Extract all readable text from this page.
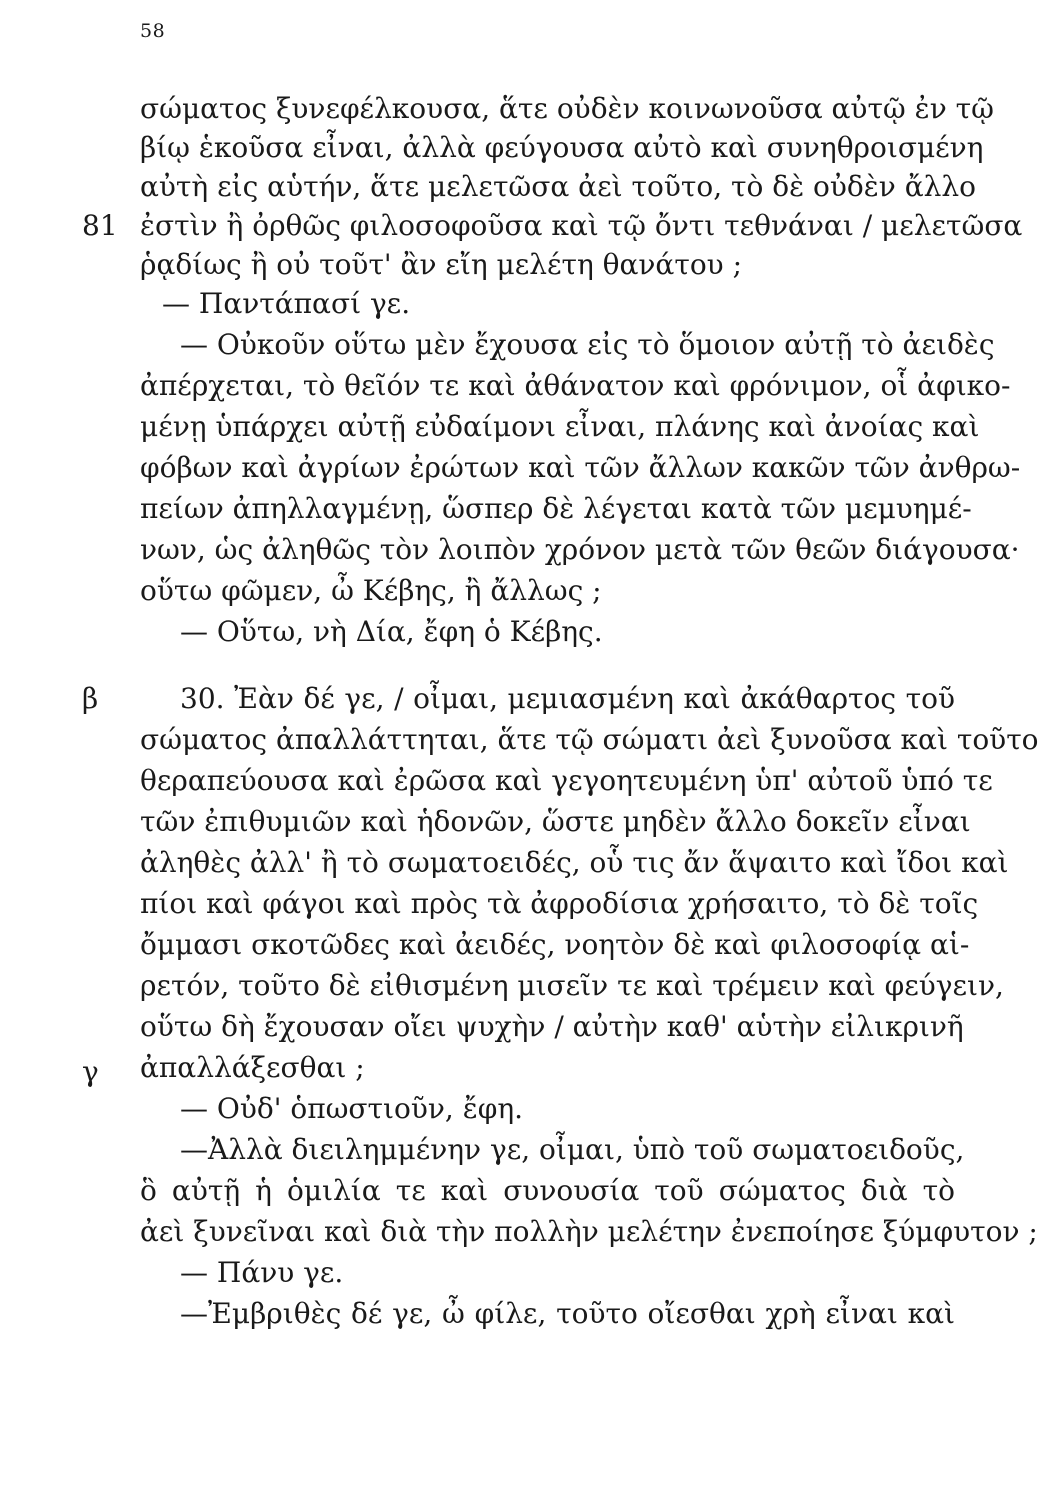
58
81
β
γ
σώματος ξυνεφέλκουσα, ἅτε οὐδὲν κοινωνοῦσα αὐτῷ ἐν τῷ
βίῳ ἑκοῦσα εἶναι, ἀλλὰ φεύγουσα αὐτὸ καὶ συνηθροισμένη
αὐτὴ εἰς αὑτήν, ἅτε μελετῶσα ἀεὶ τοῦτο, τὸ δὲ οὐδὲν ἄλλο
ἐστὶν ἢ ὀρθῶς φιλοσοφοῦσα καὶ τῷ ὄντι τεθνάναι / μελετῶσα
ῥᾳδίως ἢ οὐ τοῦτ' ἂν εἴη μελέτη θανάτου ;
— Παντάπασί γε.
— Οὐκοῦν οὕτω μὲν ἔχουσα εἰς τὸ ὅμοιον αὐτῇ τὸ ἀειδὲς
ἀπέρχεται, τὸ θεῖόν τε καὶ ἀθάνατον καὶ φρόνιμον, οἷ ἀφικο-
μένῃ ὑπάρχει αὐτῇ εὐδαίμονι εἶναι, πλάνης καὶ ἀνοίας καὶ
φόβων καὶ ἀγρίων ἐρώτων καὶ τῶν ἄλλων κακῶν τῶν ἀνθρω-
πείων ἀπηλλαγμένῃ, ὥσπερ δὲ λέγεται κατὰ τῶν μεμυημέ-
νων, ὡς ἀληθῶς τὸν λοιπὸν χρόνον μετὰ τῶν θεῶν διάγουσα·
οὕτω φῶμεν, ὦ Κέβης, ἢ ἄλλως ;
— Οὕτω, νὴ Δία, ἔφη ὁ Κέβης.
30. Ἐὰν δέ γε, / οἶμαι, μεμιασμένη καὶ ἀκάθαρτος τοῦ
σώματος ἀπαλλάττηται, ἅτε τῷ σώματι ἀεὶ ξυνοῦσα καὶ τοῦτο
θεραπεύουσα καὶ ἐρῶσα καὶ γεγοητευμένη ὑπ' αὐτοῦ ὑπό τε
τῶν ἐπιθυμιῶν καὶ ἡδονῶν, ὥστε μηδὲν ἄλλο δοκεῖν εἶναι
ἀληθὲς ἀλλ' ἢ τὸ σωματοειδές, οὗ τις ἄν ἅψαιτο καὶ ἴδοι καὶ
πίοι καὶ φάγοι καὶ πρὸς τὰ ἀφροδίσια χρήσαιτο, τὸ δὲ τοῖς
ὄμμασι σκοτῶδες καὶ ἀειδές, νοητὸν δὲ καὶ φιλοσοφίᾳ αἱ-
ρετόν, τοῦτο δὲ εἰθισμένη μισεῖν τε καὶ τρέμειν καὶ φεύγειν,
οὕτω δὴ ἔχουσαν οἴει ψυχὴν / αὐτὴν καθ' αὑτὴν εἰλικρινῆ
ἀπαλλάξεσθαι ;
— Οὐδ' ὁπωστιοῦν, ἔφη.
—Ἀλλὰ διειλημμένην γε, οἶμαι, ὑπὸ τοῦ σωματοειδοῦς,
ὃ αὐτῇ ἡ ὁμιλία τε καὶ συνουσία τοῦ σώματος διὰ τὸ
ἀεὶ ξυνεῖναι καὶ διὰ τὴν πολλὴν μελέτην ἐνεποίησε ξύμφυτον ;
— Πάνυ γε.
—Ἐμβριθὲς δέ γε, ὦ φίλε, τοῦτο οἴεσθαι χρὴ εἶναι καὶ
